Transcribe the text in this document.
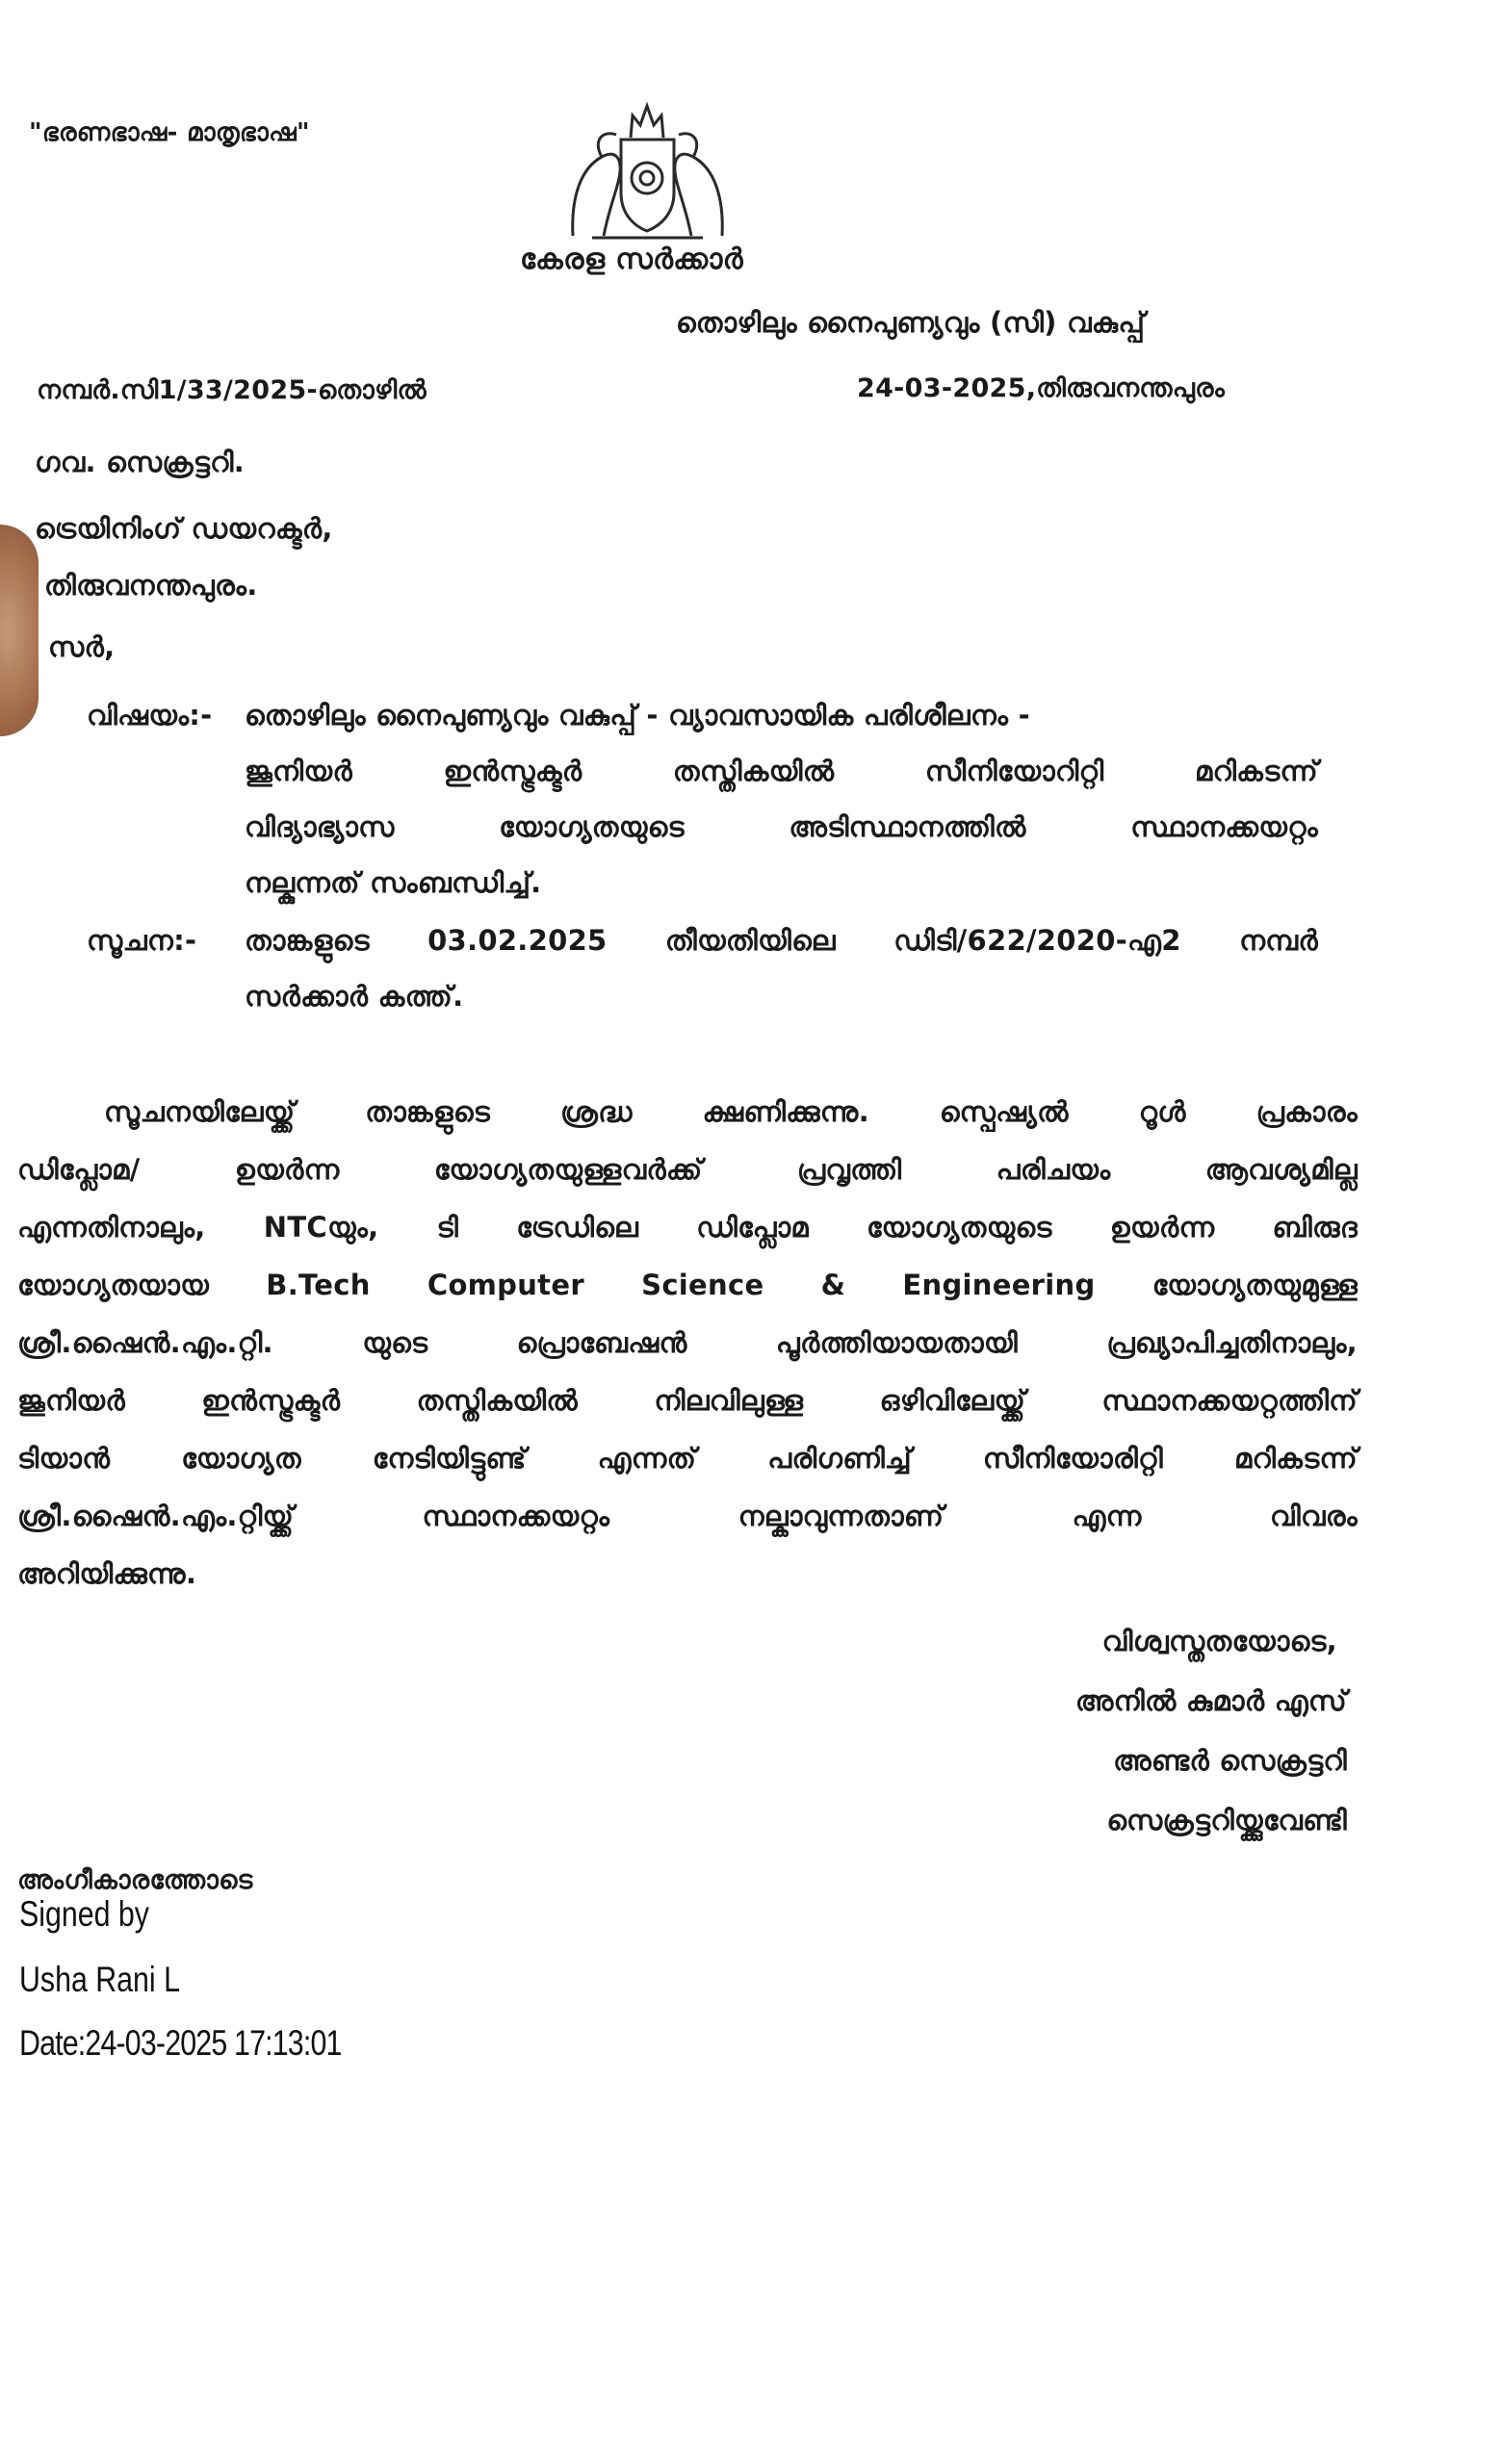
"ഭരണഭാഷ- മാതൃഭാഷ"
കേരള സർക്കാർ
തൊഴിലും നൈപുണ്യവും (സി) വകുപ്പ്
നമ്പർ.സി1/33/2025-തൊഴിൽ	24-03-2025,തിരുവനന്തപുരം
ഗവ. സെക്രട്ടറി.
ട്രെയിനിംഗ് ഡയറക്ടർ,
തിരുവനന്തപുരം.
സർ,
വിഷയം:- തൊഴിലും നൈപുണ്യവും വകുപ്പ് - വ്യാവസായിക പരിശീലനം -
ജൂനിയർ ഇൻസ്ട്രക്ടർ തസ്തികയിൽ സീനിയോറിറ്റി മറികടന്ന്
വിദ്യാഭ്യാസ യോഗ്യതയുടെ അടിസ്ഥാനത്തിൽ സ്ഥാനക്കയറ്റം
നല്കുന്നത് സംബന്ധിച്ച്.
സൂചന:- താങ്കളുടെ 03.02.2025 തീയതിയിലെ ഡിടി/622/2020-എ2 നമ്പർ
സർക്കാർ കത്ത്.
സൂചനയിലേയ്ക്ക് താങ്കളുടെ ശ്രദ്ധ ക്ഷണിക്കുന്നു. സ്പെഷ്യൽ റൂൾ പ്രകാരം
ഡിപ്ലോമ/ ഉയർന്ന യോഗ്യതയുള്ളവർക്ക് പ്രവൃത്തി പരിചയം ആവശ്യമില്ല
എന്നതിനാലും, NTCയും, ടി ട്രേഡിലെ ഡിപ്ലോമ യോഗ്യതയുടെ ഉയർന്ന ബിരുദ
യോഗ്യതയായ B.Tech Computer Science & Engineering യോഗ്യതയുമുള്ള
ശ്രീ.ഷൈൻ.എം.റ്റി. യുടെ പ്രൊബേഷൻ പൂർത്തിയായതായി പ്രഖ്യാപിച്ചതിനാലും,
ജൂനിയർ ഇൻസ്ട്രക്ടർ തസ്തികയിൽ നിലവിലുള്ള ഒഴിവിലേയ്ക്ക് സ്ഥാനക്കയറ്റത്തിന്
ടിയാൻ യോഗ്യത നേടിയിട്ടുണ്ട് എന്നത് പരിഗണിച്ച് സീനിയോരിറ്റി മറികടന്ന്
ശ്രീ.ഷൈൻ.എം.റ്റിയ്ക്ക് സ്ഥാനക്കയറ്റം നല്കാവുന്നതാണ് എന്ന വിവരം
അറിയിക്കുന്നു.
വിശ്വസ്തതയോടെ,
അനിൽ കുമാർ എസ്
അണ്ടർ സെക്രട്ടറി
സെക്രട്ടറിയ്ക്കുവേണ്ടി
അംഗീകാരത്തോടെ
Signed by
Usha Rani L
Date:24-03-2025 17:13:01
